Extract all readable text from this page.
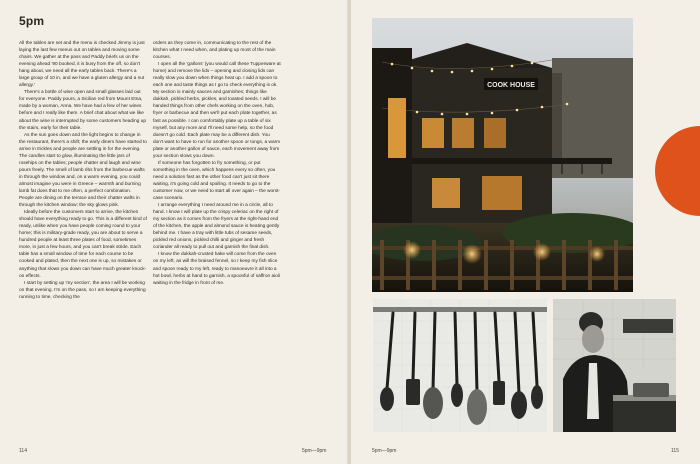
5pm

All the tables are set and the menu is checked Jimmy is just laying the last few menus out on tables and moving some chairs. We gather at the pass and Paddy briefs us on the evening ahead '90 booked, it is busy from the off, so don't hang about, we need all the early tables back. There's a large group of 10 in, and we have a gluten allergy and a nut allergy.'

There's a bottle of wine open and small glasses laid out for everyone. Paddy pours, a Sicilian red from Mount Etna, made by a woman, Anna. We have had a few of her wines before and I really like them. A brief chat about what we like about the wine is interrupted by some customers heading up the stairs, early for their table.

As the sun goes down and the light begins to change in the restaurant, there's a shift; the early diners have started to arrive in trickles and people are settling in for the evening. The candles start to glow, illuminating the little jars of rosehips on the tables; people chatter and laugh and wine pours freely. The smell of lamb ribs from the barbecue wafts in through the window and, on a warm evening, you could almost imagine you were in Greece – warmth and burning lamb fat does that to me often, a perfect combination. People are dining on the terrace and their chatter wafts in through the kitchen window; the sky glows pink.

Ideally before the customers start to arrive, the kitchen should have everything ready to go. This is a different kind of ready, unlike when you have people coming round to your home; this is military-grade ready, you are about to serve a hundred people at least three plates of food, sometimes more, in just a few hours, and you can't break stride. Each table has a small window of time for each course to be cooked and plated, then the next one is up, so mistakes or anything that slows you down can have much greater knock-on effects.

I start by setting up 'my section', the area I will be working on that evening. I'm on the pass, so I am keeping everything running to time, checking the

orders as they come in, communicating to the rest of the kitchen what I need when, and plating up most of the main courses.

I open all the 'gallons' (you would call these Tupperware at home) and remove the lids – opening and closing lids can really slow you down when things heat up. I add a spoon to each one and taste things as I go to check everything is ok. My section is mainly sauces and garnishes; things like dukkah, pickled herbs, pickles, and toasted seeds. I will be handed things from other chefs working on the oven, hob, fryer or barbecue and then we'll put each plate together, as fast as possible. I can comfortably plate up a table of six myself, but any more and I'll need some help, so the food doesn't go cold. Each plate may be a different dish. You don't want to have to run for another spoon or tongs, a warm plate or another gallon of sauce, each movement away from your section slows you down.

If someone has forgotten to fry something, or put something in the oven, which happens every so often, you need a solution fast as the other food can't just sit there waiting, it's going cold and spoiling. It needs to go to the customer now, or we need to start all over again – the worst-case scenario.

I arrange everything I need around me in a circle, all to hand. I know I will plate up the crispy celeriac on the right of my section as it comes from the fryers at the right-hand end of the kitchen, the apple and almond sauce is heating gently behind me. I have a tray with little tubs of sesame seeds, pickled red onions, pickled chilli and ginger and fresh coriander all ready to pull out and garnish the final dish.

I know the dukkah-crusted hake will come from the oven on my left, as will the braised fennel, so I keep my fish slice and spoon ready to my left, ready to manoeuvre it all into a hot bowl, herbs at hand to garnish, a spoonful of saffron aioli waiting in the fridge in front of me.

114	5pm—9pm
COOK HOUSE
5pm—9pm	115
